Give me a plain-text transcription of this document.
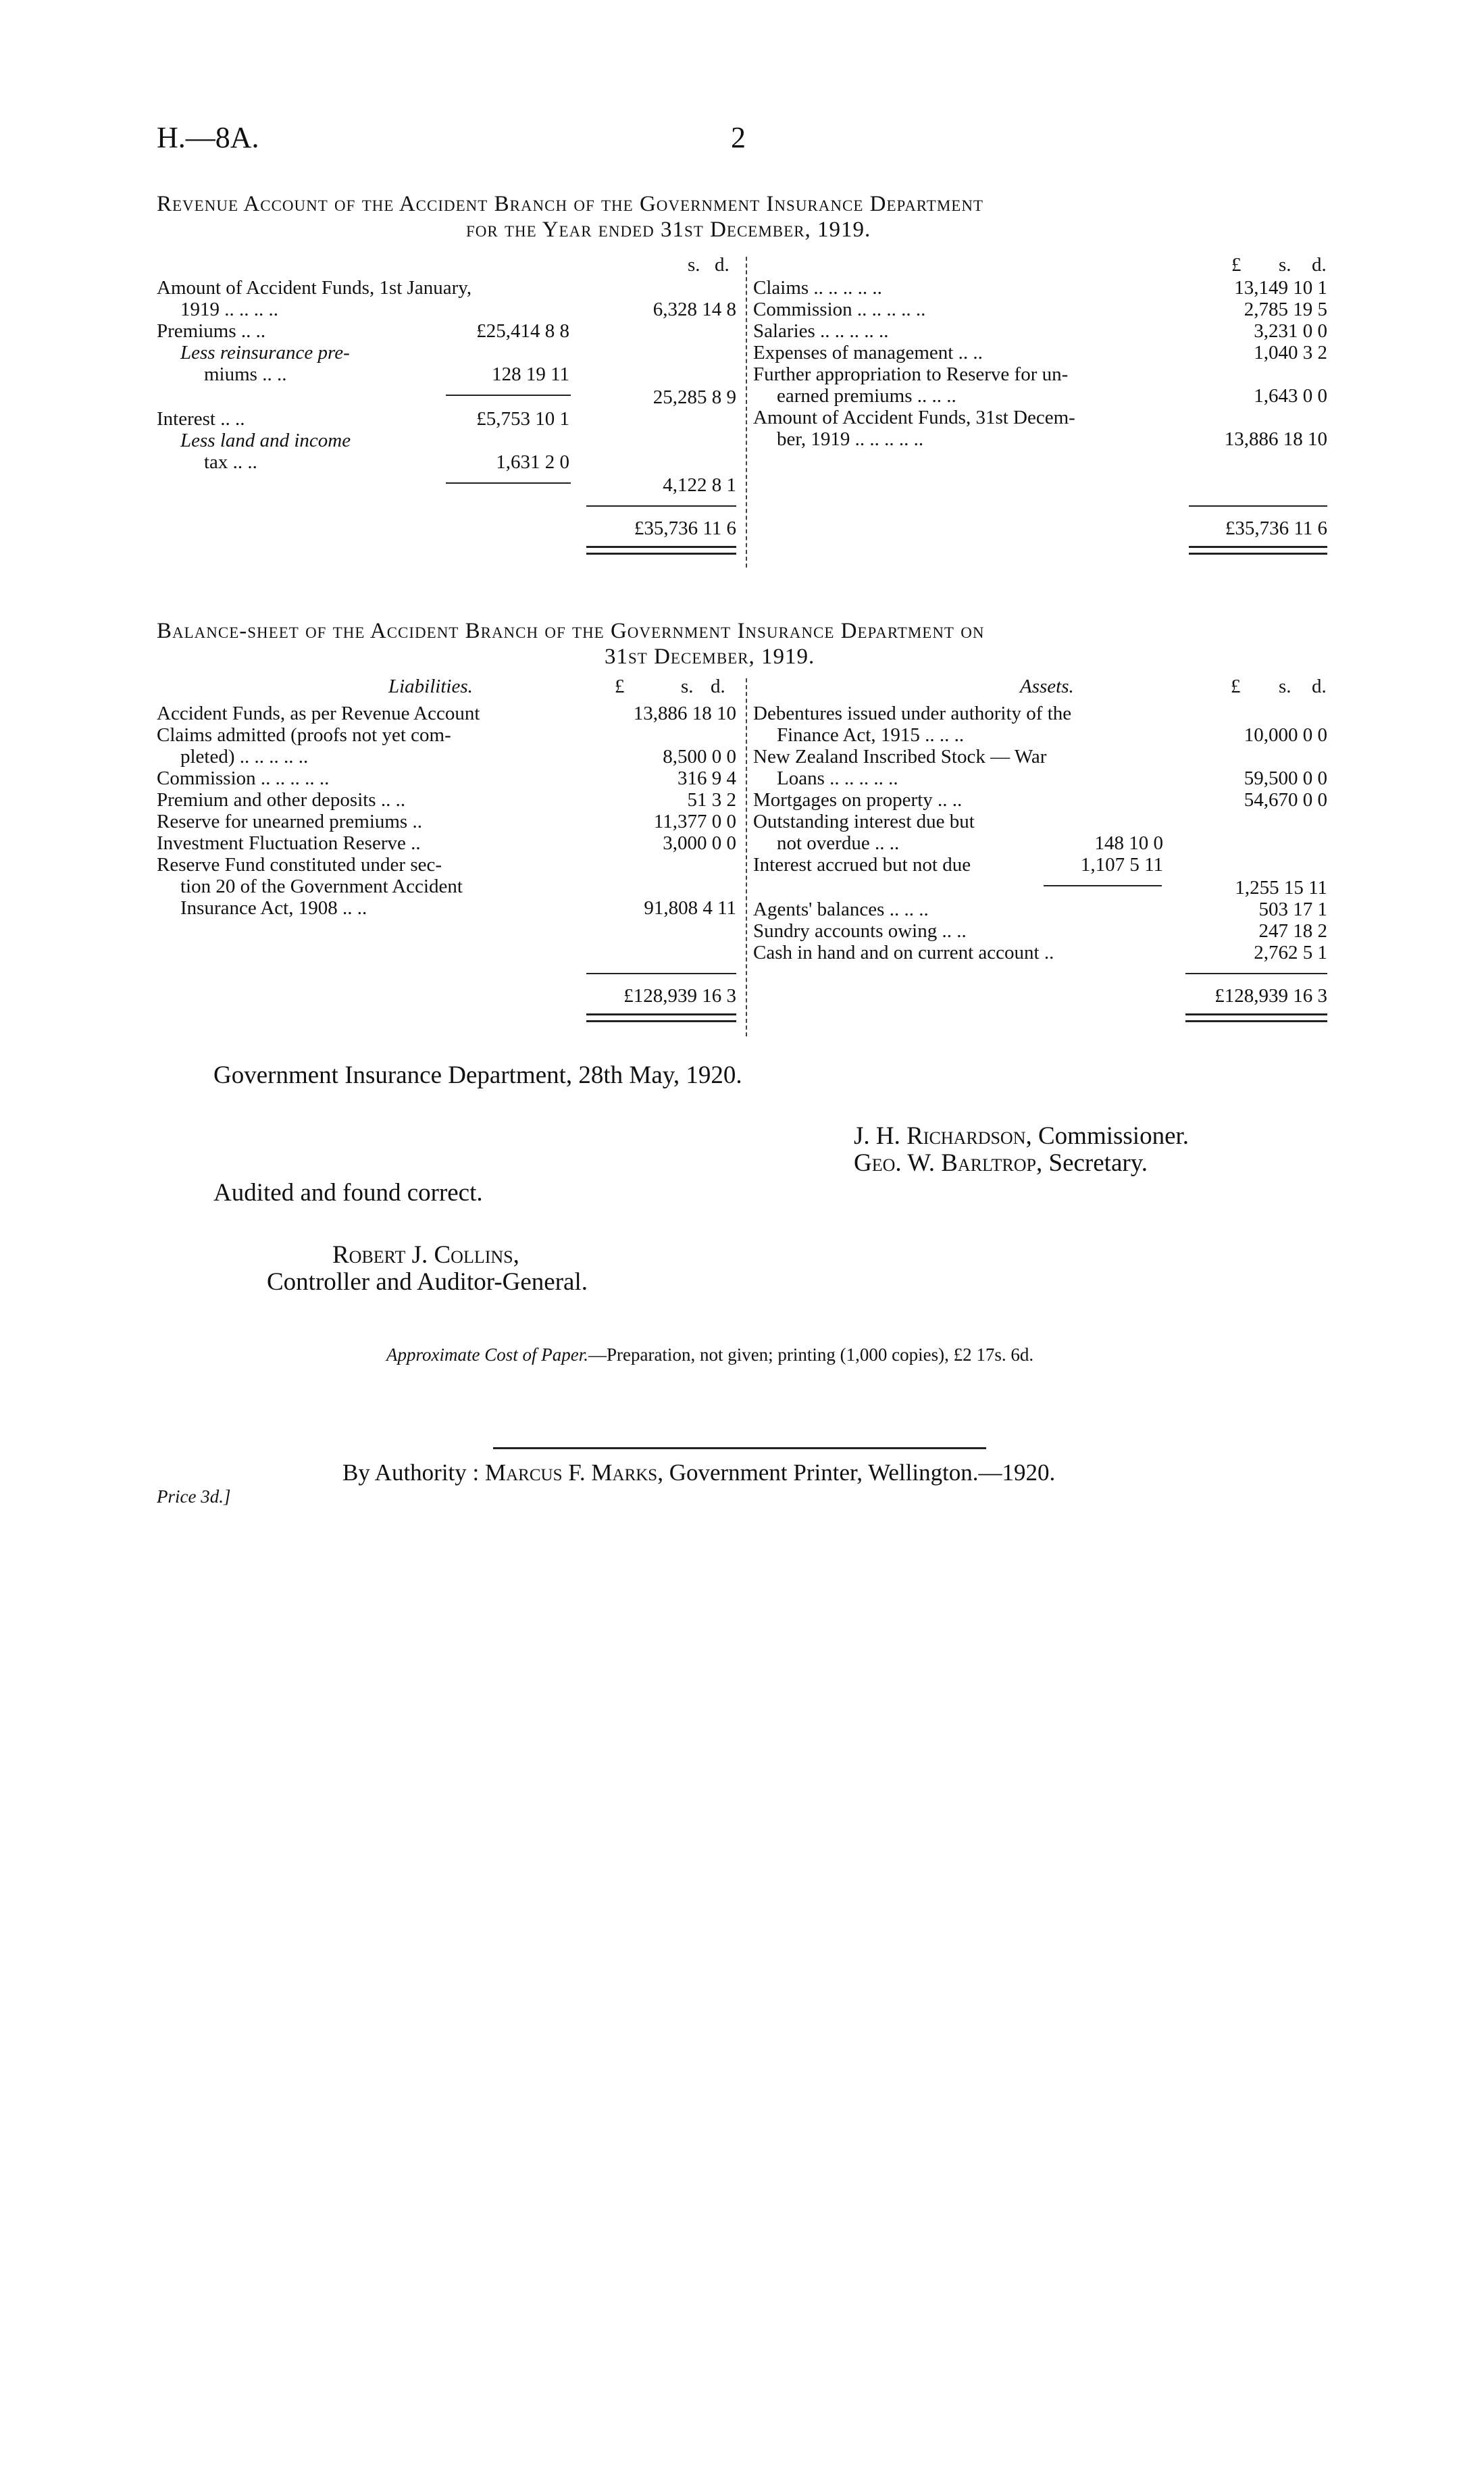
H.—8A.	2
Revenue Account of the Accident Branch of the Government Insurance Department
for the Year ended 31st December, 1919.
s. d.	£ s. d.
Amount of Accident Funds, 1st January,
1919 .. .. .. ..	6,328 14 8
Premiums .. ..	£25,414 8 8
Less reinsurance pre-
miums .. ..	128 19 11
25,285 8 9
Interest .. ..	£5,753 10 1
Less land and income
tax .. ..	1,631 2 0
4,122 8 1
£35,736 11 6
Claims .. .. .. .. ..	13,149 10 1
Commission .. .. .. .. ..	2,785 19 5
Salaries .. .. .. .. ..	3,231 0 0
Expenses of management .. ..	1,040 3 2
Further appropriation to Reserve for un-
earned premiums .. .. ..	1,643 0 0
Amount of Accident Funds, 31st Decem-
ber, 1919 .. .. .. .. ..	13,886 18 10
£35,736 11 6
Balance-sheet of the Accident Branch of the Government Insurance Department on
31st December, 1919.
Liabilities.	£	s. d.	Assets.	£ s. d.
Accident Funds, as per Revenue Account	13,886 18 10
Claims admitted (proofs not yet com-
pleted) .. .. .. .. ..	8,500 0 0
Commission .. .. .. .. ..	316 9 4
Premium and other deposits .. ..	51 3 2
Reserve for unearned premiums ..	11,377 0 0
Investment Fluctuation Reserve ..	3,000 0 0
Reserve Fund constituted under sec-
tion 20 of the Government Accident
Insurance Act, 1908 .. ..	91,808 4 11
£128,939 16 3
Debentures issued under authority of the
Finance Act, 1915 .. .. ..	10,000 0 0
New Zealand Inscribed Stock — War
Loans .. .. .. .. ..	59,500 0 0
Mortgages on property .. ..	54,670 0 0
Outstanding interest due but
not overdue .. ..	148 10 0
Interest accrued but not due	1,107 5 11
1,255 15 11
Agents' balances .. .. ..	503 17 1
Sundry accounts owing .. ..	247 18 2
Cash in hand and on current account ..	2,762 5 1
£128,939 16 3
Government Insurance Department, 28th May, 1920.
J. H. Richardson, Commissioner.
Geo. W. Barltrop, Secretary.
Audited and found correct.
Robert J. Collins,
Controller and Auditor-General.
Approximate Cost of Paper.—Preparation, not given; printing (1,000 copies), £2 17s. 6d.
By Authority : Marcus F. Marks, Government Printer, Wellington.—1920.
Price 3d.]
